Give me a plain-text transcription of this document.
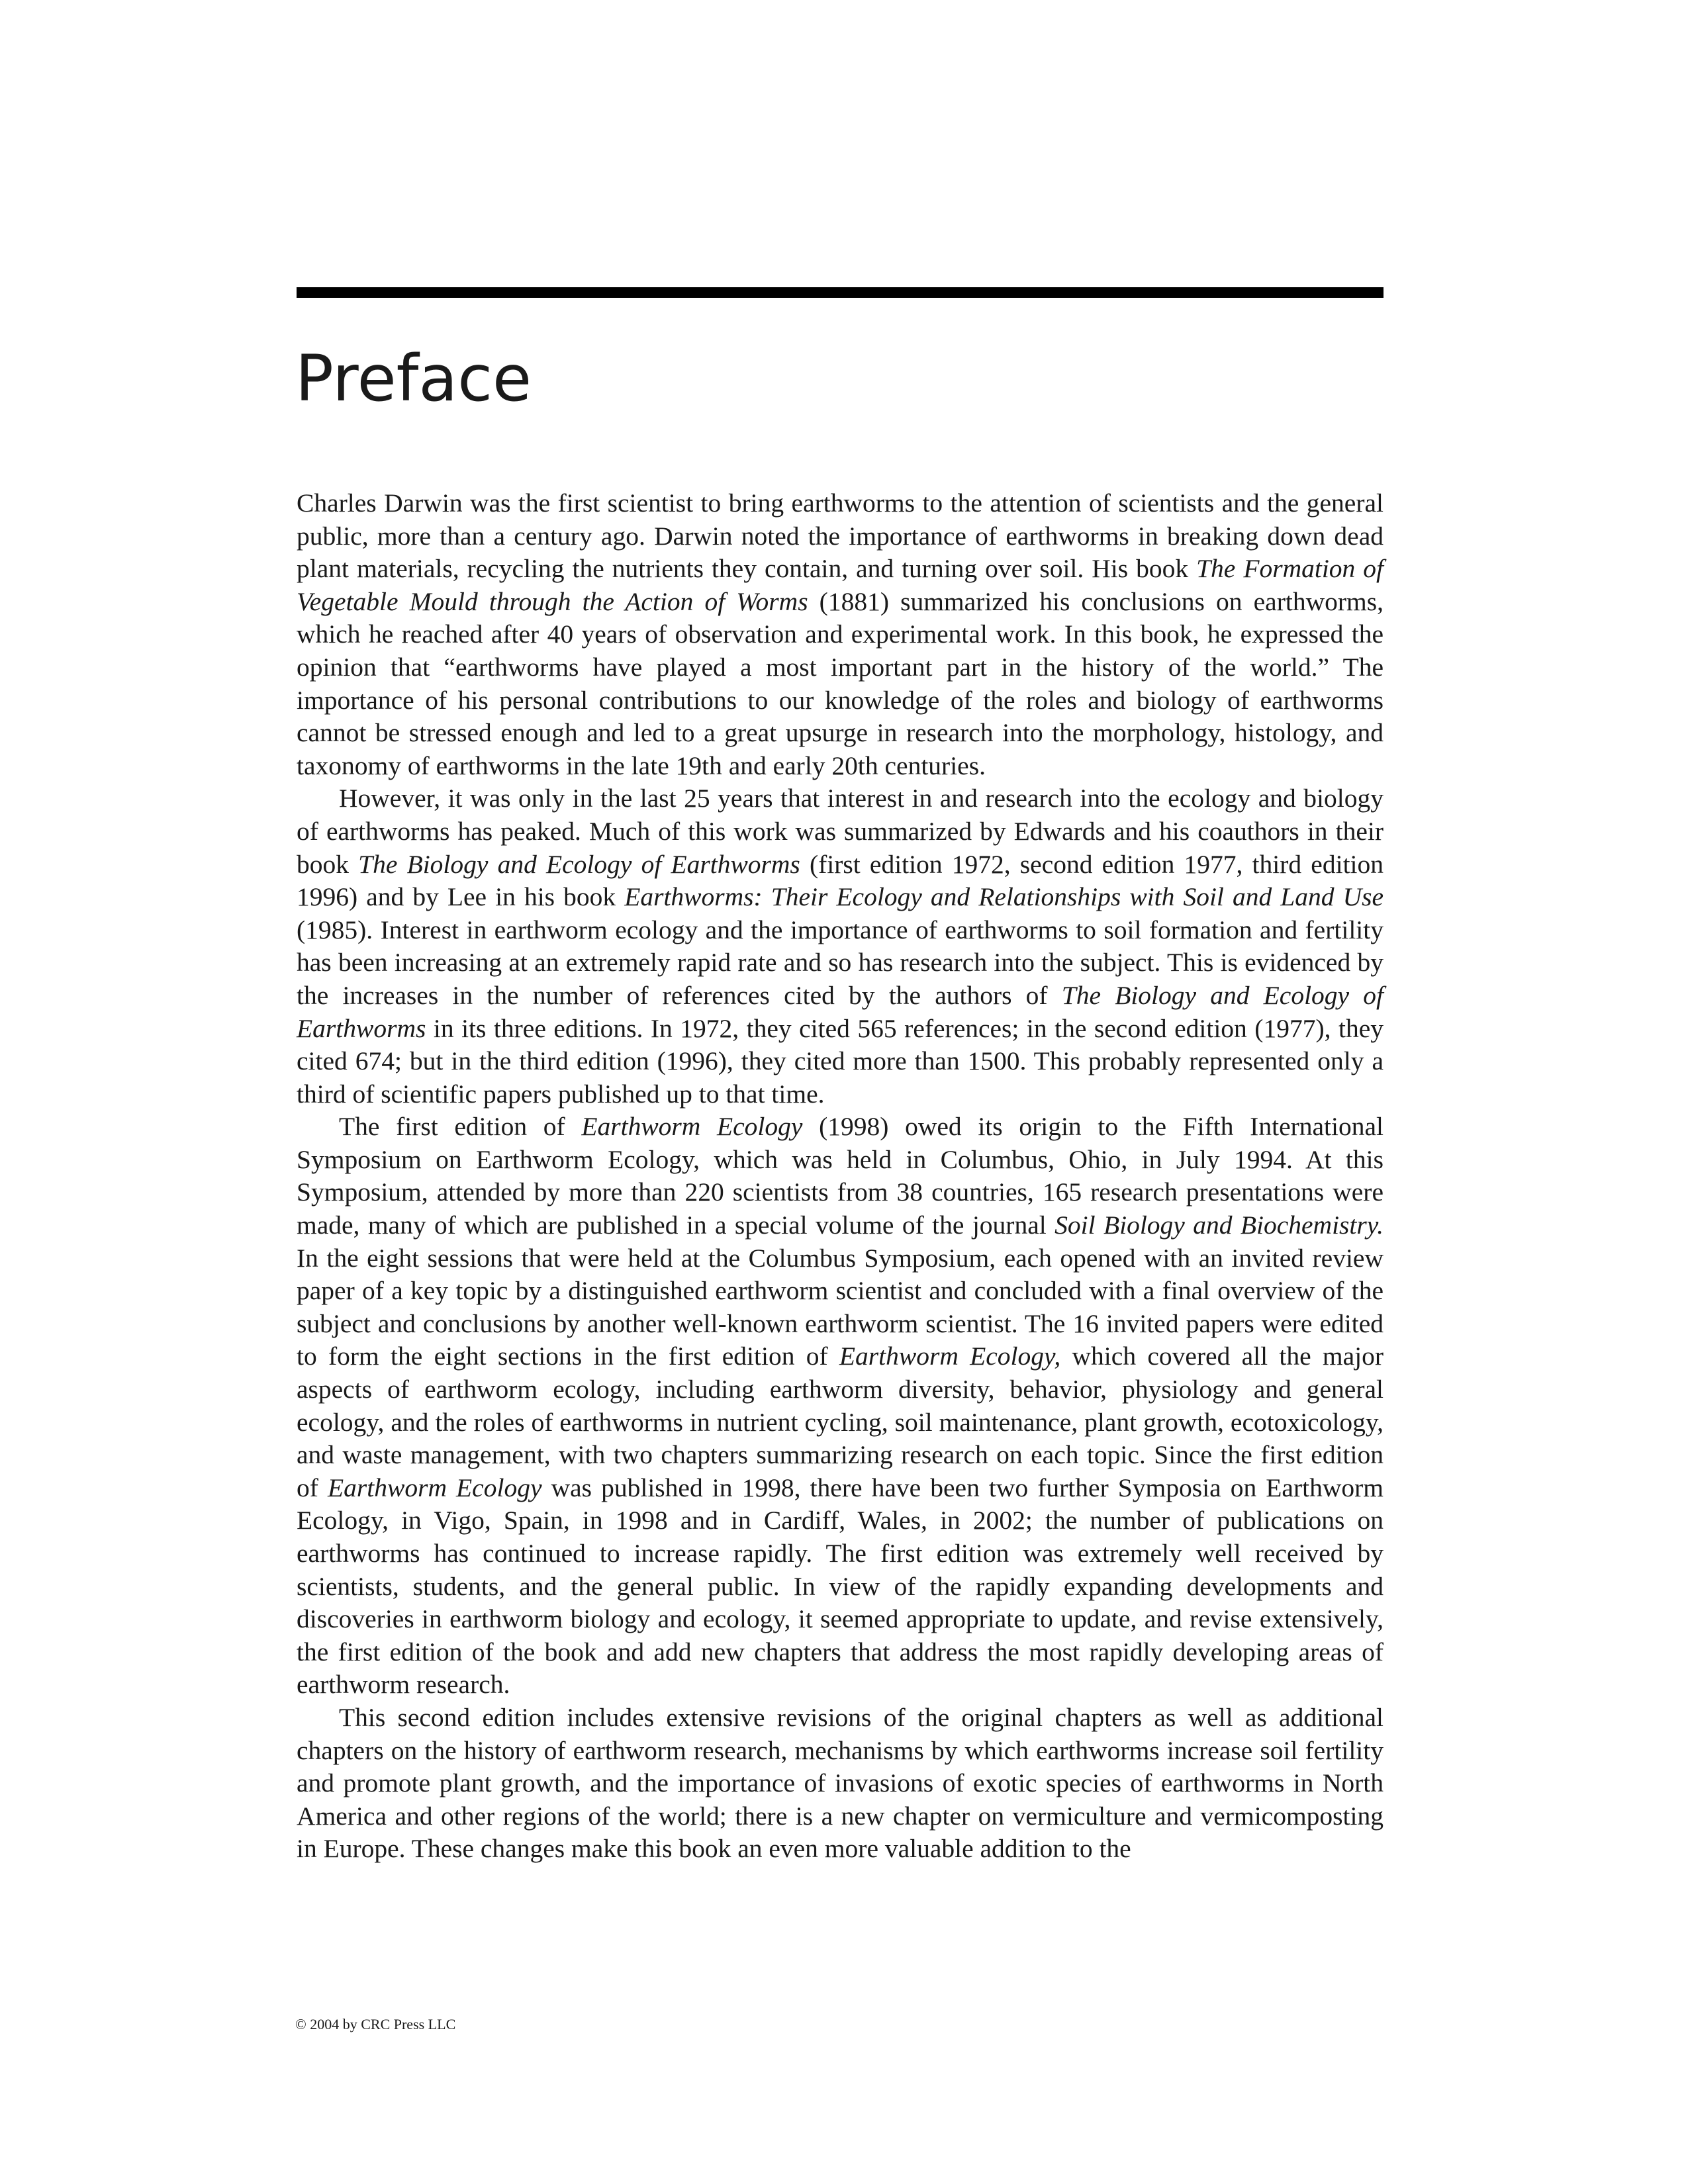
Preface

Charles Darwin was the first scientist to bring earthworms to the attention of scientists and the general public, more than a century ago. Darwin noted the importance of earthworms in breaking down dead plant materials, recycling the nutrients they contain, and turning over soil. His book The Formation of Vegetable Mould through the Action of Worms (1881) summarized his conclusions on earthworms, which he reached after 40 years of observation and experimental work. In this book, he expressed the opinion that “earthworms have played a most important part in the history of the world.” The importance of his personal contributions to our knowledge of the roles and biology of earthworms cannot be stressed enough and led to a great upsurge in research into the morphology, histology, and taxonomy of earthworms in the late 19th and early 20th centuries.

However, it was only in the last 25 years that interest in and research into the ecology and biology of earthworms has peaked. Much of this work was summarized by Edwards and his coauthors in their book The Biology and Ecology of Earthworms (first edition 1972, second edition 1977, third edition 1996) and by Lee in his book Earthworms: Their Ecology and Relationships with Soil and Land Use (1985). Interest in earthworm ecology and the importance of earthworms to soil formation and fertility has been increasing at an extremely rapid rate and so has research into the subject. This is evidenced by the increases in the number of references cited by the authors of The Biology and Ecology of Earthworms in its three editions. In 1972, they cited 565 references; in the second edition (1977), they cited 674; but in the third edition (1996), they cited more than 1500. This probably represented only a third of scientific papers published up to that time.

The first edition of Earthworm Ecology (1998) owed its origin to the Fifth International Symposium on Earthworm Ecology, which was held in Columbus, Ohio, in July 1994. At this Symposium, attended by more than 220 scientists from 38 countries, 165 research presentations were made, many of which are published in a special volume of the journal Soil Biology and Biochemistry. In the eight sessions that were held at the Columbus Symposium, each opened with an invited review paper of a key topic by a distinguished earthworm scientist and concluded with a final overview of the subject and conclusions by another well-known earthworm scientist. The 16 invited papers were edited to form the eight sections in the first edition of Earthworm Ecology, which covered all the major aspects of earthworm ecology, including earthworm diversity, behavior, physiology and general ecology, and the roles of earthworms in nutrient cycling, soil maintenance, plant growth, ecotoxicology, and waste management, with two chapters summarizing research on each topic. Since the first edition of Earthworm Ecology was published in 1998, there have been two further Symposia on Earthworm Ecology, in Vigo, Spain, in 1998 and in Cardiff, Wales, in 2002; the number of publications on earthworms has continued to increase rapidly. The first edition was extremely well received by scientists, students, and the general public. In view of the rapidly expanding developments and discoveries in earthworm biology and ecology, it seemed appropriate to update, and revise extensively, the first edition of the book and add new chapters that address the most rapidly developing areas of earthworm research.

This second edition includes extensive revisions of the original chapters as well as additional chapters on the history of earthworm research, mechanisms by which earthworms increase soil fertility and promote plant growth, and the importance of invasions of exotic species of earthworms in North America and other regions of the world; there is a new chapter on vermiculture and vermicomposting in Europe. These changes make this book an even more valuable addition to the

© 2004 by CRC Press LLC
